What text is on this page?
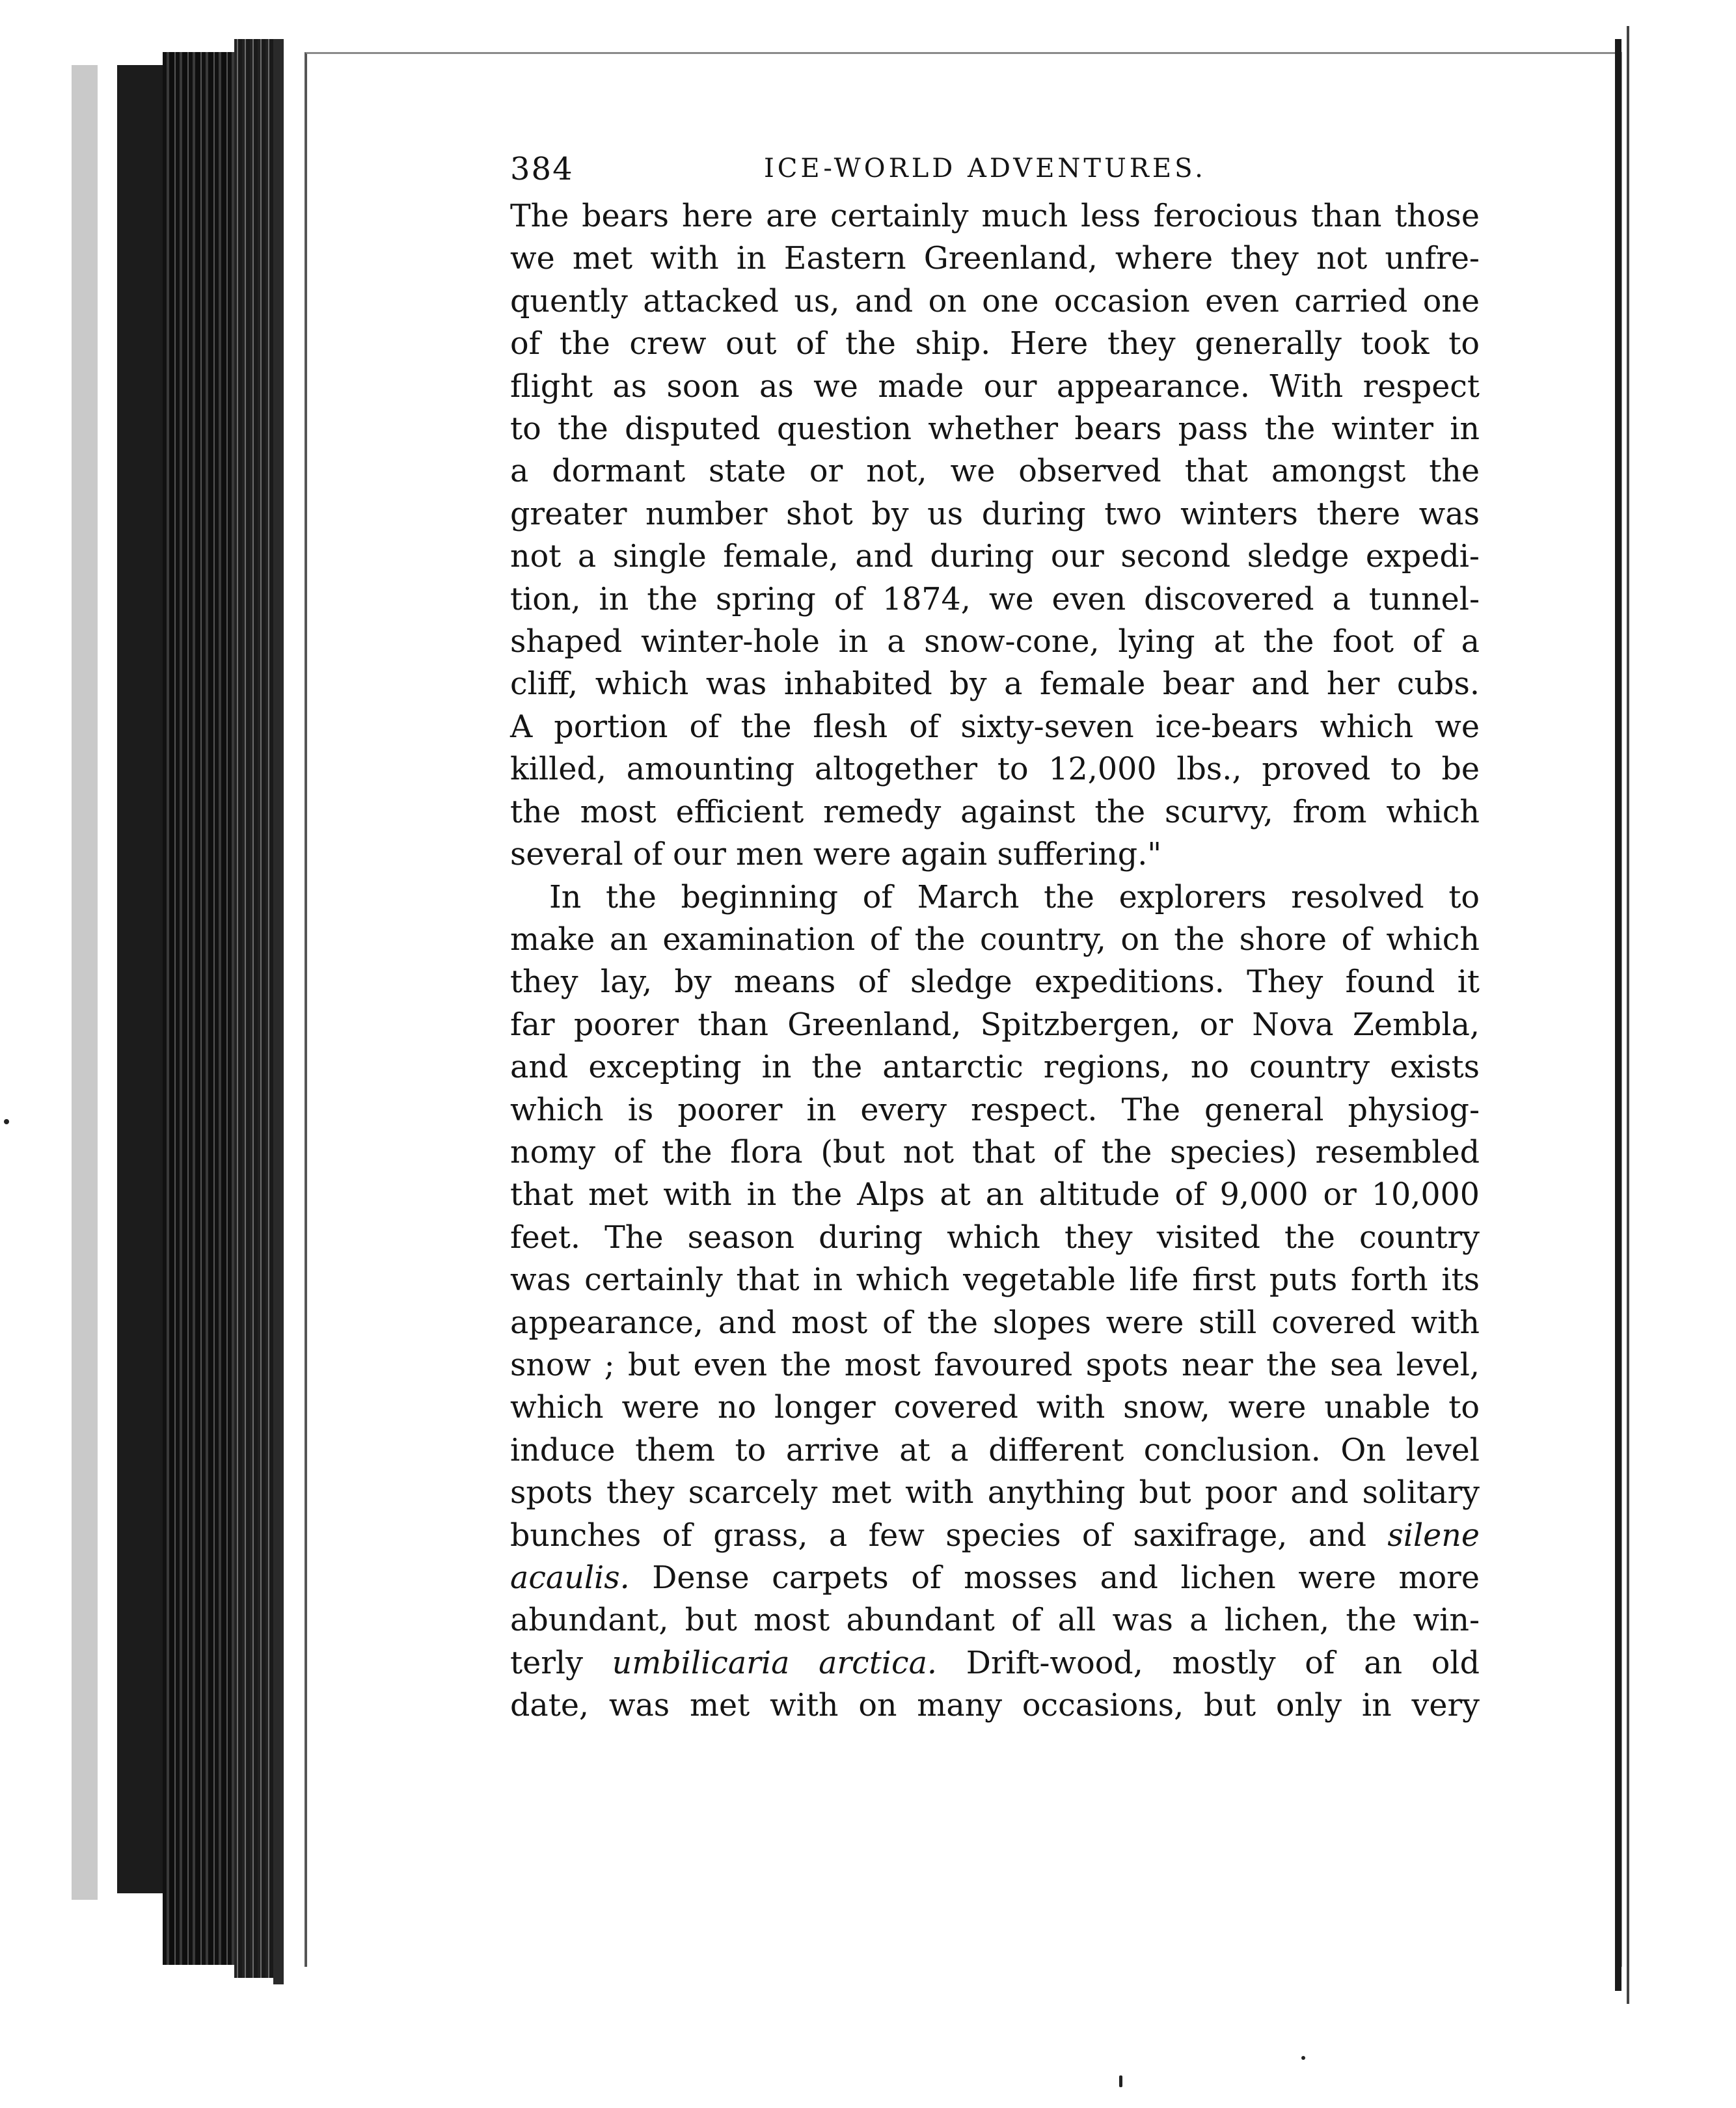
384	ICE-WORLD ADVENTURES.
The bears here are certainly much less ferocious than those
we met with in Eastern Greenland, where they not unfre-
quently attacked us, and on one occasion even carried one
of the crew out of the ship. Here they generally took to
flight as soon as we made our appearance. With respect
to the disputed question whether bears pass the winter in
a dormant state or not, we observed that amongst the
greater number shot by us during two winters there was
not a single female, and during our second sledge expedi-
tion, in the spring of 1874, we even discovered a tunnel-
shaped winter-hole in a snow-cone, lying at the foot of a
cliff, which was inhabited by a female bear and her cubs.
A portion of the flesh of sixty-seven ice-bears which we
killed, amounting altogether to 12,000 lbs., proved to be
the most efficient remedy against the scurvy, from which
several of our men were again suffering."
In the beginning of March the explorers resolved to
make an examination of the country, on the shore of which
they lay, by means of sledge expeditions. They found it
far poorer than Greenland, Spitzbergen, or Nova Zembla,
and excepting in the antarctic regions, no country exists
which is poorer in every respect. The general physiog-
nomy of the flora (but not that of the species) resembled
that met with in the Alps at an altitude of 9,000 or 10,000
feet. The season during which they visited the country
was certainly that in which vegetable life first puts forth its
appearance, and most of the slopes were still covered with
snow ; but even the most favoured spots near the sea level,
which were no longer covered with snow, were unable to
induce them to arrive at a different conclusion. On level
spots they scarcely met with anything but poor and solitary
bunches of grass, a few species of saxifrage, and silene
acaulis. Dense carpets of mosses and lichen were more
abundant, but most abundant of all was a lichen, the win-
terly umbilicaria arctica. Drift-wood, mostly of an old
date, was met with on many occasions, but only in very
